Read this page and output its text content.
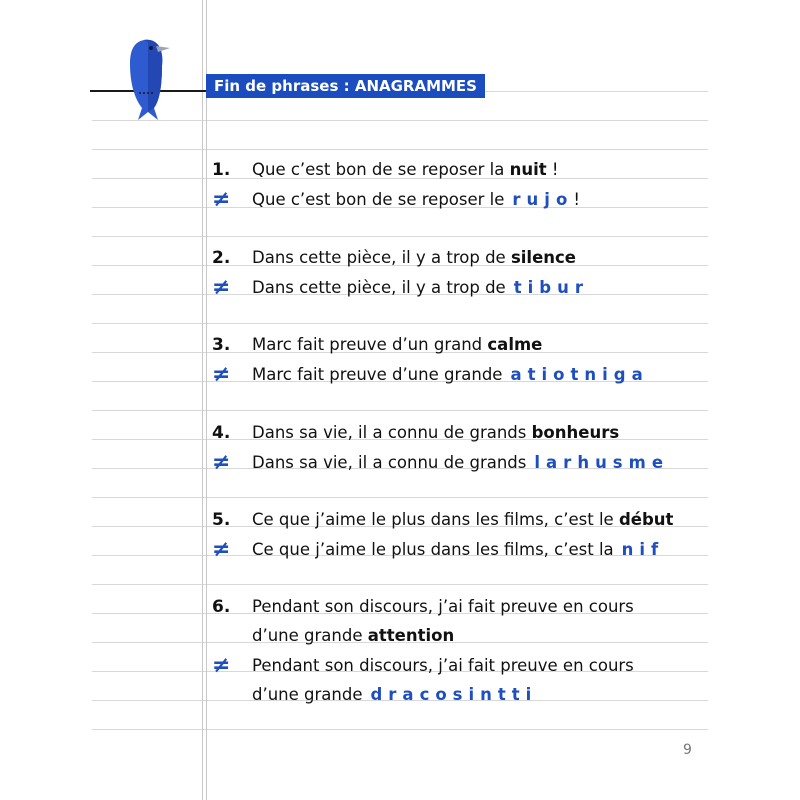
Fin de phrases : ANAGRAMMES
1. Que c’est bon de se reposer la nuit !
≠ Que c’est bon de se reposer le rujo!
2. Dans cette pièce, il y a trop de silence
≠ Dans cette pièce, il y a trop de tibur
3. Marc fait preuve d’un grand calme
≠ Marc fait preuve d’une grande atiotniga
4. Dans sa vie, il a connu de grands bonheurs
≠ Dans sa vie, il a connu de grands larhusme
5. Ce que j’aime le plus dans les films, c’est le début
≠ Ce que j’aime le plus dans les films, c’est la nif
6. Pendant son discours, j’ai fait preuve en cours
d’une grande attention
≠ Pendant son discours, j’ai fait preuve en cours
d’une grande dracosintti
9
